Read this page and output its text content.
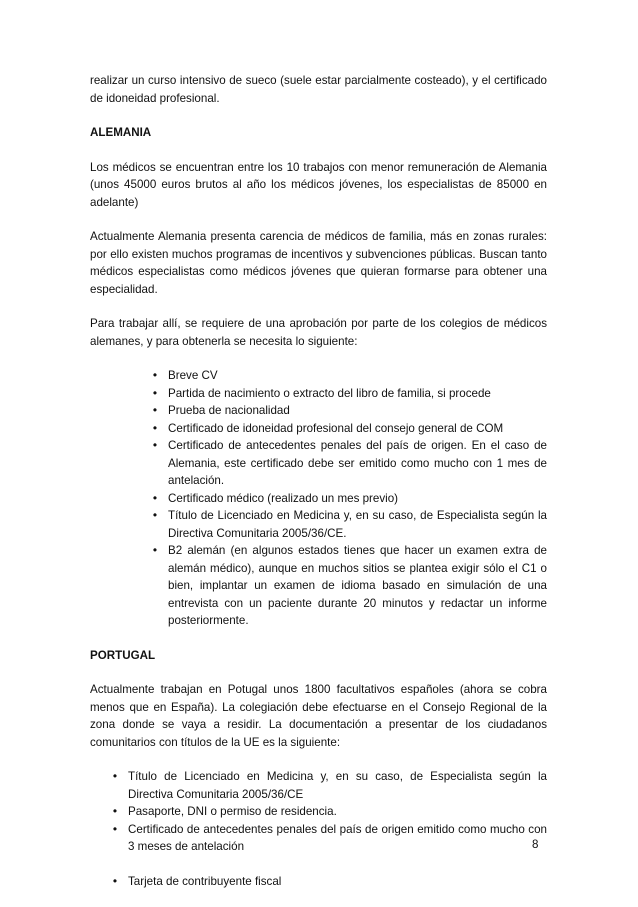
realizar un curso intensivo de sueco (suele estar parcialmente costeado), y el certificado de idoneidad profesional.

ALEMANIA

Los médicos se encuentran entre los 10 trabajos con menor remuneración de Alemania (unos 45000 euros brutos al año los médicos jóvenes, los especialistas de 85000 en adelante)

Actualmente Alemania presenta carencia de médicos de familia, más en zonas rurales: por ello existen muchos programas de incentivos y subvenciones públicas. Buscan tanto médicos especialistas como médicos jóvenes que quieran formarse para obtener una especialidad.

Para trabajar allí, se requiere de una aprobación por parte de los colegios de médicos alemanes, y para obtenerla se necesita lo siguiente:

• Breve CV
• Partida de nacimiento o extracto del libro de familia, si procede
• Prueba de nacionalidad
• Certificado de idoneidad profesional del consejo general de COM
• Certificado de antecedentes penales del país de origen. En el caso de Alemania, este certificado debe ser emitido como mucho con 1 mes de antelación.
• Certificado médico (realizado un mes previo)
• Título de Licenciado en Medicina y, en su caso, de Especialista según la Directiva Comunitaria 2005/36/CE.
• B2 alemán (en algunos estados tienes que hacer un examen extra de alemán médico), aunque en muchos sitios se plantea exigir sólo el C1 o bien, implantar un examen de idioma basado en simulación de una entrevista con un paciente durante 20 minutos y redactar un informe posteriormente.
PORTUGAL

Actualmente trabajan en Potugal unos 1800 facultativos españoles (ahora se cobra menos que en España). La colegiación debe efectuarse en el Consejo Regional de la zona donde se vaya a residir. La documentación a presentar de los ciudadanos comunitarios con títulos de la UE es la siguiente:

• Título de Licenciado en Medicina y, en su caso, de Especialista según la Directiva Comunitaria 2005/36/CE
• Pasaporte, DNI o permiso de residencia.
• Certificado de antecedentes penales del país de origen emitido como mucho con 3 meses de antelación
• Tarjeta de contribuyente fiscal
8
